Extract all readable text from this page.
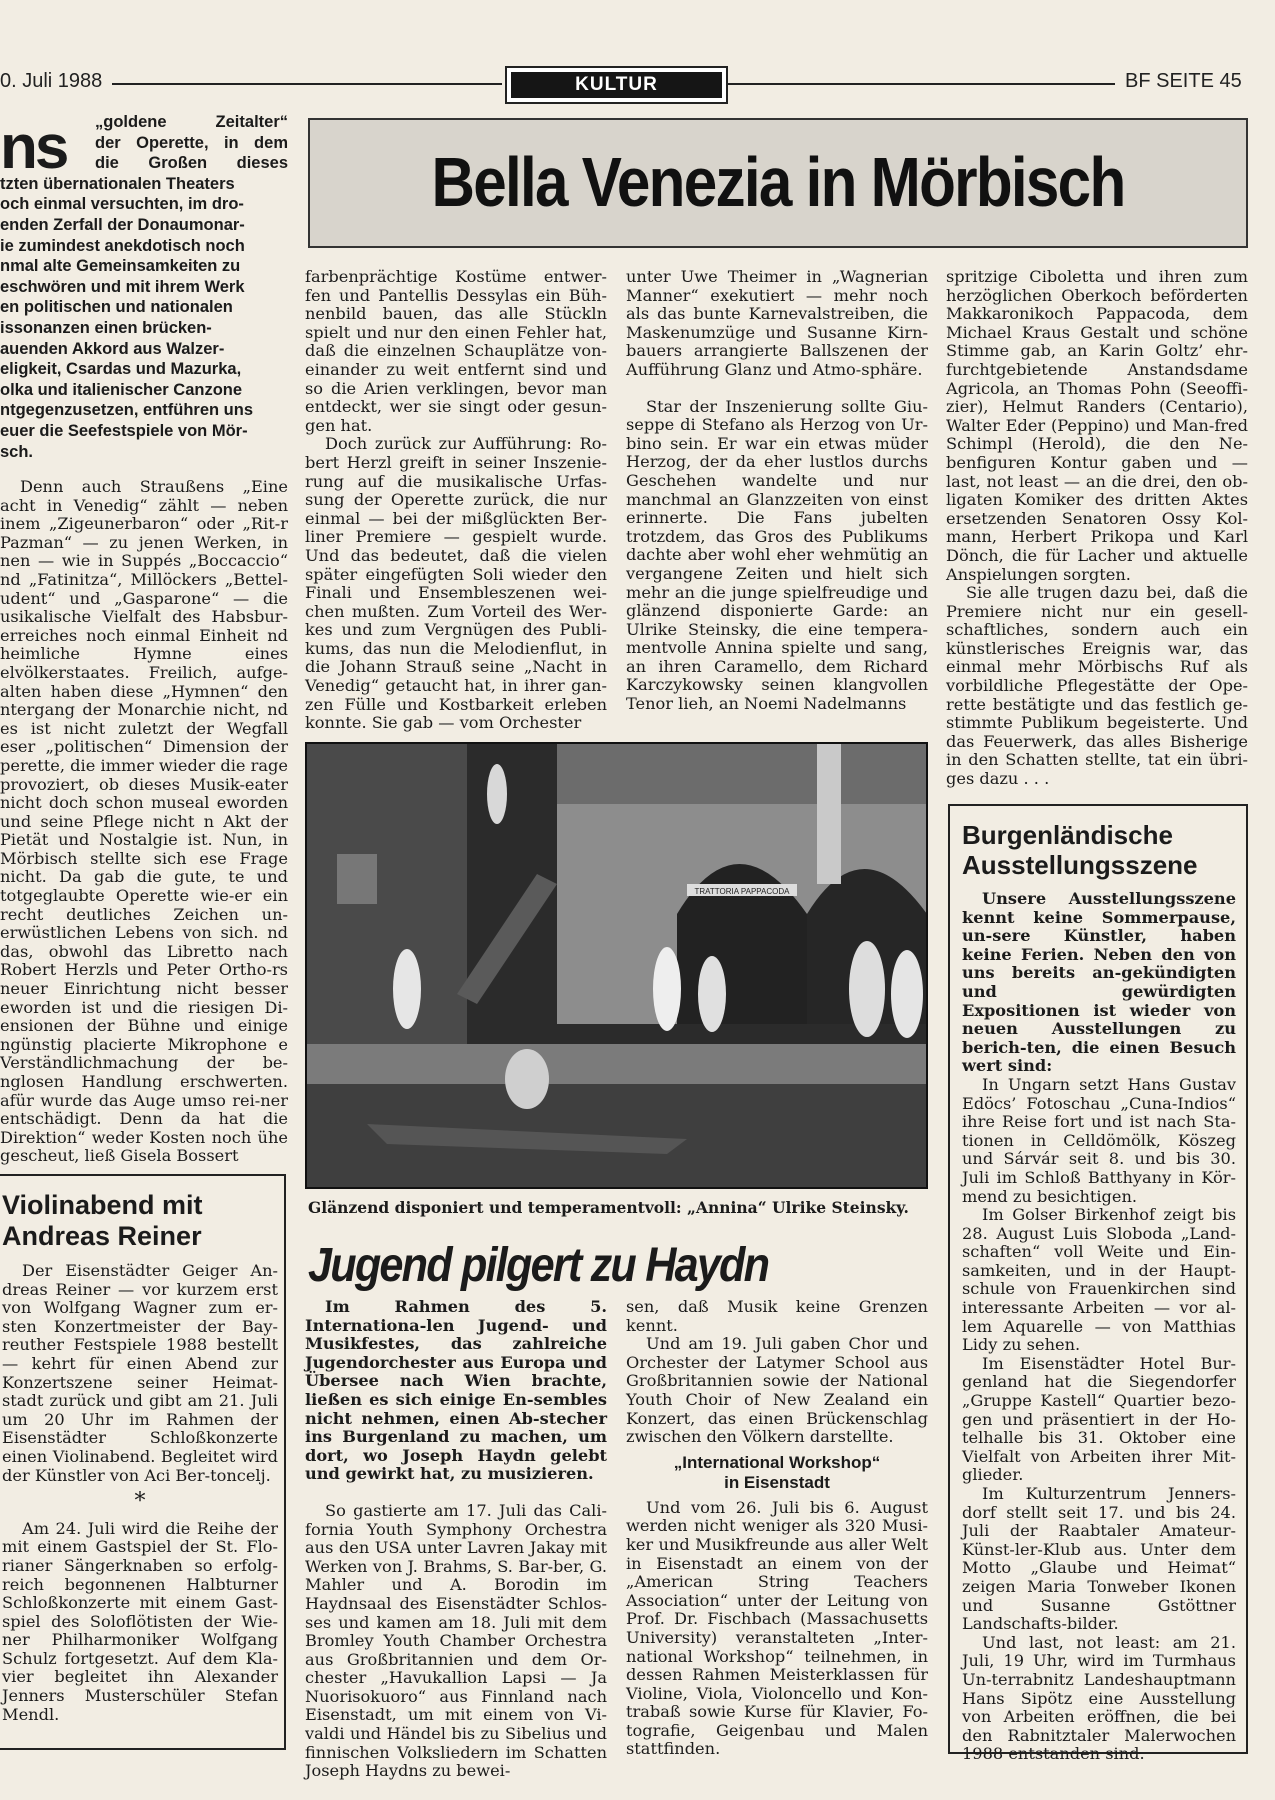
0. Juli 1988	KULTUR	BF SEITE 45
ns	„goldene Zeitalter“
der Operette, in dem
die Großen dieses
tzten übernationalen Theaters
och einmal versuchten, im dro-
enden Zerfall der Donaumonar-
ie zumindest anekdotisch noch
nmal alte Gemeinsamkeiten zu
eschwören und mit ihrem Werk
en politischen und nationalen
issonanzen einen brücken-
auenden Akkord aus Walzer-
eligkeit, Csardas und Mazurka,
olka und italienischer Canzone
ntgegenzusetzen, entführen uns
euer die Seefestspiele von Mör-
sch.

Denn auch Straußens „Eine acht in Venedig“ zählt — neben inem „Zigeunerbaron“ oder „Rit-r Pazman“ — zu jenen Werken, in nen — wie in Suppés „Boccaccio“ nd „Fatinitza“, Millöckers „Bettel-udent“ und „Gasparone“ — die usikalische Vielfalt des Habsbur-erreiches noch einmal Einheit nd heimliche Hymne eines elvölkerstaates. Freilich, aufge-alten haben diese „Hymnen“ den ntergang der Monarchie nicht, nd es ist nicht zuletzt der Wegfall eser „politischen“ Dimension der perette, die immer wieder die rage provoziert, ob dieses Musik-eater nicht doch schon museal eworden und seine Pflege nicht n Akt der Pietät und Nostalgie ist. Nun, in Mörbisch stellte sich ese Frage nicht. Da gab die gute, te und totgeglaubte Operette wie-er ein recht deutliches Zeichen un-erwüstlichen Lebens von sich. nd das, obwohl das Libretto nach Robert Herzls und Peter Ortho-rs neuer Einrichtung nicht besser eworden ist und die riesigen Di-ensionen der Bühne und einige ngünstig placierte Mikrophone e Verständlichmachung der be-nglosen Handlung erschwerten. afür wurde das Auge umso rei-ner entschädigt. Denn da hat die Direktion“ weder Kosten noch ühe gescheut, ließ Gisela Bossert

Bella Venezia in Mörbisch

farbenprächtige Kostüme entwer-fen und Pantellis Dessylas ein Büh-nenbild bauen, das alle Stückln spielt und nur den einen Fehler hat, daß die einzelnen Schauplätze von-einander zu weit entfernt sind und so die Arien verklingen, bevor man entdeckt, wer sie singt oder gesun-gen hat.

Doch zurück zur Aufführung: Ro-bert Herzl greift in seiner Inszenie-rung auf die musikalische Urfas-sung der Operette zurück, die nur einmal — bei der mißglückten Ber-liner Premiere — gespielt wurde. Und das bedeutet, daß die vielen später eingefügten Soli wieder den Finali und Ensembleszenen wei-chen mußten. Zum Vorteil des Wer-kes und zum Vergnügen des Publi-kums, das nun die Melodienflut, in die Johann Strauß seine „Nacht in Venedig“ getaucht hat, in ihrer gan-zen Fülle und Kostbarkeit erleben konnte. Sie gab — vom Orchester

unter Uwe Theimer in „Wagnerian Manner“ exekutiert — mehr noch als das bunte Karnevalstreiben, die Maskenumzüge und Susanne Kirn-bauers arrangierte Ballszenen der Aufführung Glanz und Atmo-sphäre.

Star der Inszenierung sollte Giu-seppe di Stefano als Herzog von Ur-bino sein. Er war ein etwas müder Herzog, der da eher lustlos durchs Geschehen wandelte und nur manchmal an Glanzzeiten von einst erinnerte. Die Fans jubelten trotzdem, das Gros des Publikums dachte aber wohl eher wehmütig an vergangene Zeiten und hielt sich mehr an die junge spielfreudige und glänzend disponierte Garde: an Ulrike Steinsky, die eine tempera-mentvolle Annina spielte und sang, an ihren Caramello, dem Richard Karczykowsky seinen klangvollen Tenor lieh, an Noemi Nadelmanns

spritzige Ciboletta und ihren zum herzöglichen Oberkoch beförderten Makkaronikoch Pappacoda, dem Michael Kraus Gestalt und schöne Stimme gab, an Karin Goltz’ ehr-furchtgebietende Anstandsdame Agricola, an Thomas Pohn (Seeoffi-zier), Helmut Randers (Centario), Walter Eder (Peppino) und Man-fred Schimpl (Herold), die den Ne-benfiguren Kontur gaben und — last, not least — an die drei, den ob-ligaten Komiker des dritten Aktes ersetzenden Senatoren Ossy Kol-mann, Herbert Prikopa und Karl Dönch, die für Lacher und aktuelle Anspielungen sorgten.

Sie alle trugen dazu bei, daß die Premiere nicht nur ein gesell-schaftliches, sondern auch ein künstlerisches Ereignis war, das einmal mehr Mörbischs Ruf als vorbildliche Pflegestätte der Ope-rette bestätigte und das festlich ge-stimmte Publikum begeisterte. Und das Feuerwerk, das alles Bisherige in den Schatten stellte, tat ein übri-ges dazu . . .

TRATTORIA PAPPACODA
Glänzend disponiert und temperamentvoll: „Annina“ Ulrike Steinsky.
Violinabend mit
Andreas Reiner

Der Eisenstädter Geiger An-dreas Reiner — vor kurzem erst von Wolfgang Wagner zum er-sten Konzertmeister der Bay-reuther Festspiele 1988 bestellt — kehrt für einen Abend zur Konzertszene seiner Heimat-stadt zurück und gibt am 21. Juli um 20 Uhr im Rahmen der Eisenstädter Schloßkonzerte einen Violinabend. Begleitet wird der Künstler von Aci Ber-toncelj.

*

Am 24. Juli wird die Reihe der mit einem Gastspiel der St. Flo-rianer Sängerknaben so erfolg-reich begonnenen Halbturner Schloßkonzerte mit einem Gast-spiel des Soloflötisten der Wie-ner Philharmoniker Wolfgang Schulz fortgesetzt. Auf dem Kla-vier begleitet ihn Alexander Jenners Musterschüler Stefan Mendl.

Jugend pilgert zu Haydn

Im Rahmen des 5. Internationa-len Jugend- und Musikfestes, das zahlreiche Jugendorchester aus Europa und Übersee nach Wien brachte, ließen es sich einige En-sembles nicht nehmen, einen Ab-stecher ins Burgenland zu machen, um dort, wo Joseph Haydn gelebt und gewirkt hat, zu musizieren.

So gastierte am 17. Juli das Cali-fornia Youth Symphony Orchestra aus den USA unter Lavren Jakay mit Werken von J. Brahms, S. Bar-ber, G. Mahler und A. Borodin im Haydnsaal des Eisenstädter Schlos-ses und kamen am 18. Juli mit dem Bromley Youth Chamber Orchestra aus Großbritannien und dem Or-chester „Havukallion Lapsi — Ja Nuorisokuoro“ aus Finnland nach Eisenstadt, um mit einem von Vi-valdi und Händel bis zu Sibelius und finnischen Volksliedern im Schatten Joseph Haydns zu bewei-

sen, daß Musik keine Grenzen kennt.

Und am 19. Juli gaben Chor und Orchester der Latymer School aus Großbritannien sowie der National Youth Choir of New Zealand ein Konzert, das einen Brückenschlag zwischen den Völkern darstellte.

„International Workshop“
in Eisenstadt

Und vom 26. Juli bis 6. August werden nicht weniger als 320 Musi-ker und Musikfreunde aus aller Welt in Eisenstadt an einem von der „American String Teachers Association“ unter der Leitung von Prof. Dr. Fischbach (Massachusetts University) veranstalteten „Inter-national Workshop“ teilnehmen, in dessen Rahmen Meisterklassen für Violine, Viola, Violoncello und Kon-trabaß sowie Kurse für Klavier, Fo-tografie, Geigenbau und Malen stattfinden.

Burgenländische
Ausstellungsszene

Unsere Ausstellungsszene kennt keine Sommerpause, un-sere Künstler, haben keine Ferien. Neben den von uns bereits an-gekündigten und gewürdigten Expositionen ist wieder von neuen Ausstellungen zu berich-ten, die einen Besuch wert sind:

In Ungarn setzt Hans Gustav Edöcs’ Fotoschau „Cuna-Indios“ ihre Reise fort und ist nach Sta-tionen in Celldömölk, Köszeg und Sárvár seit 8. und bis 30. Juli im Schloß Batthyany in Kör-mend zu besichtigen.

Im Golser Birkenhof zeigt bis 28. August Luis Sloboda „Land-schaften“ voll Weite und Ein-samkeiten, und in der Haupt-schule von Frauenkirchen sind interessante Arbeiten — vor al-lem Aquarelle — von Matthias Lidy zu sehen.

Im Eisenstädter Hotel Bur-genland hat die Siegendorfer „Gruppe Kastell“ Quartier bezo-gen und präsentiert in der Ho-telhalle bis 31. Oktober eine Vielfalt von Arbeiten ihrer Mit-glieder.

Im Kulturzentrum Jenners-dorf stellt seit 17. und bis 24. Juli der Raabtaler Amateur-Künst-ler-Klub aus. Unter dem Motto „Glaube und Heimat“ zeigen Maria Tonweber Ikonen und Susanne Gstöttner Landschafts-bilder.

Und last, not least: am 21. Juli, 19 Uhr, wird im Turmhaus Un-terrabnitz Landeshauptmann Hans Sipötz eine Ausstellung von Arbeiten eröffnen, die bei den Rabnitztaler Malerwochen 1988 entstanden sind.
